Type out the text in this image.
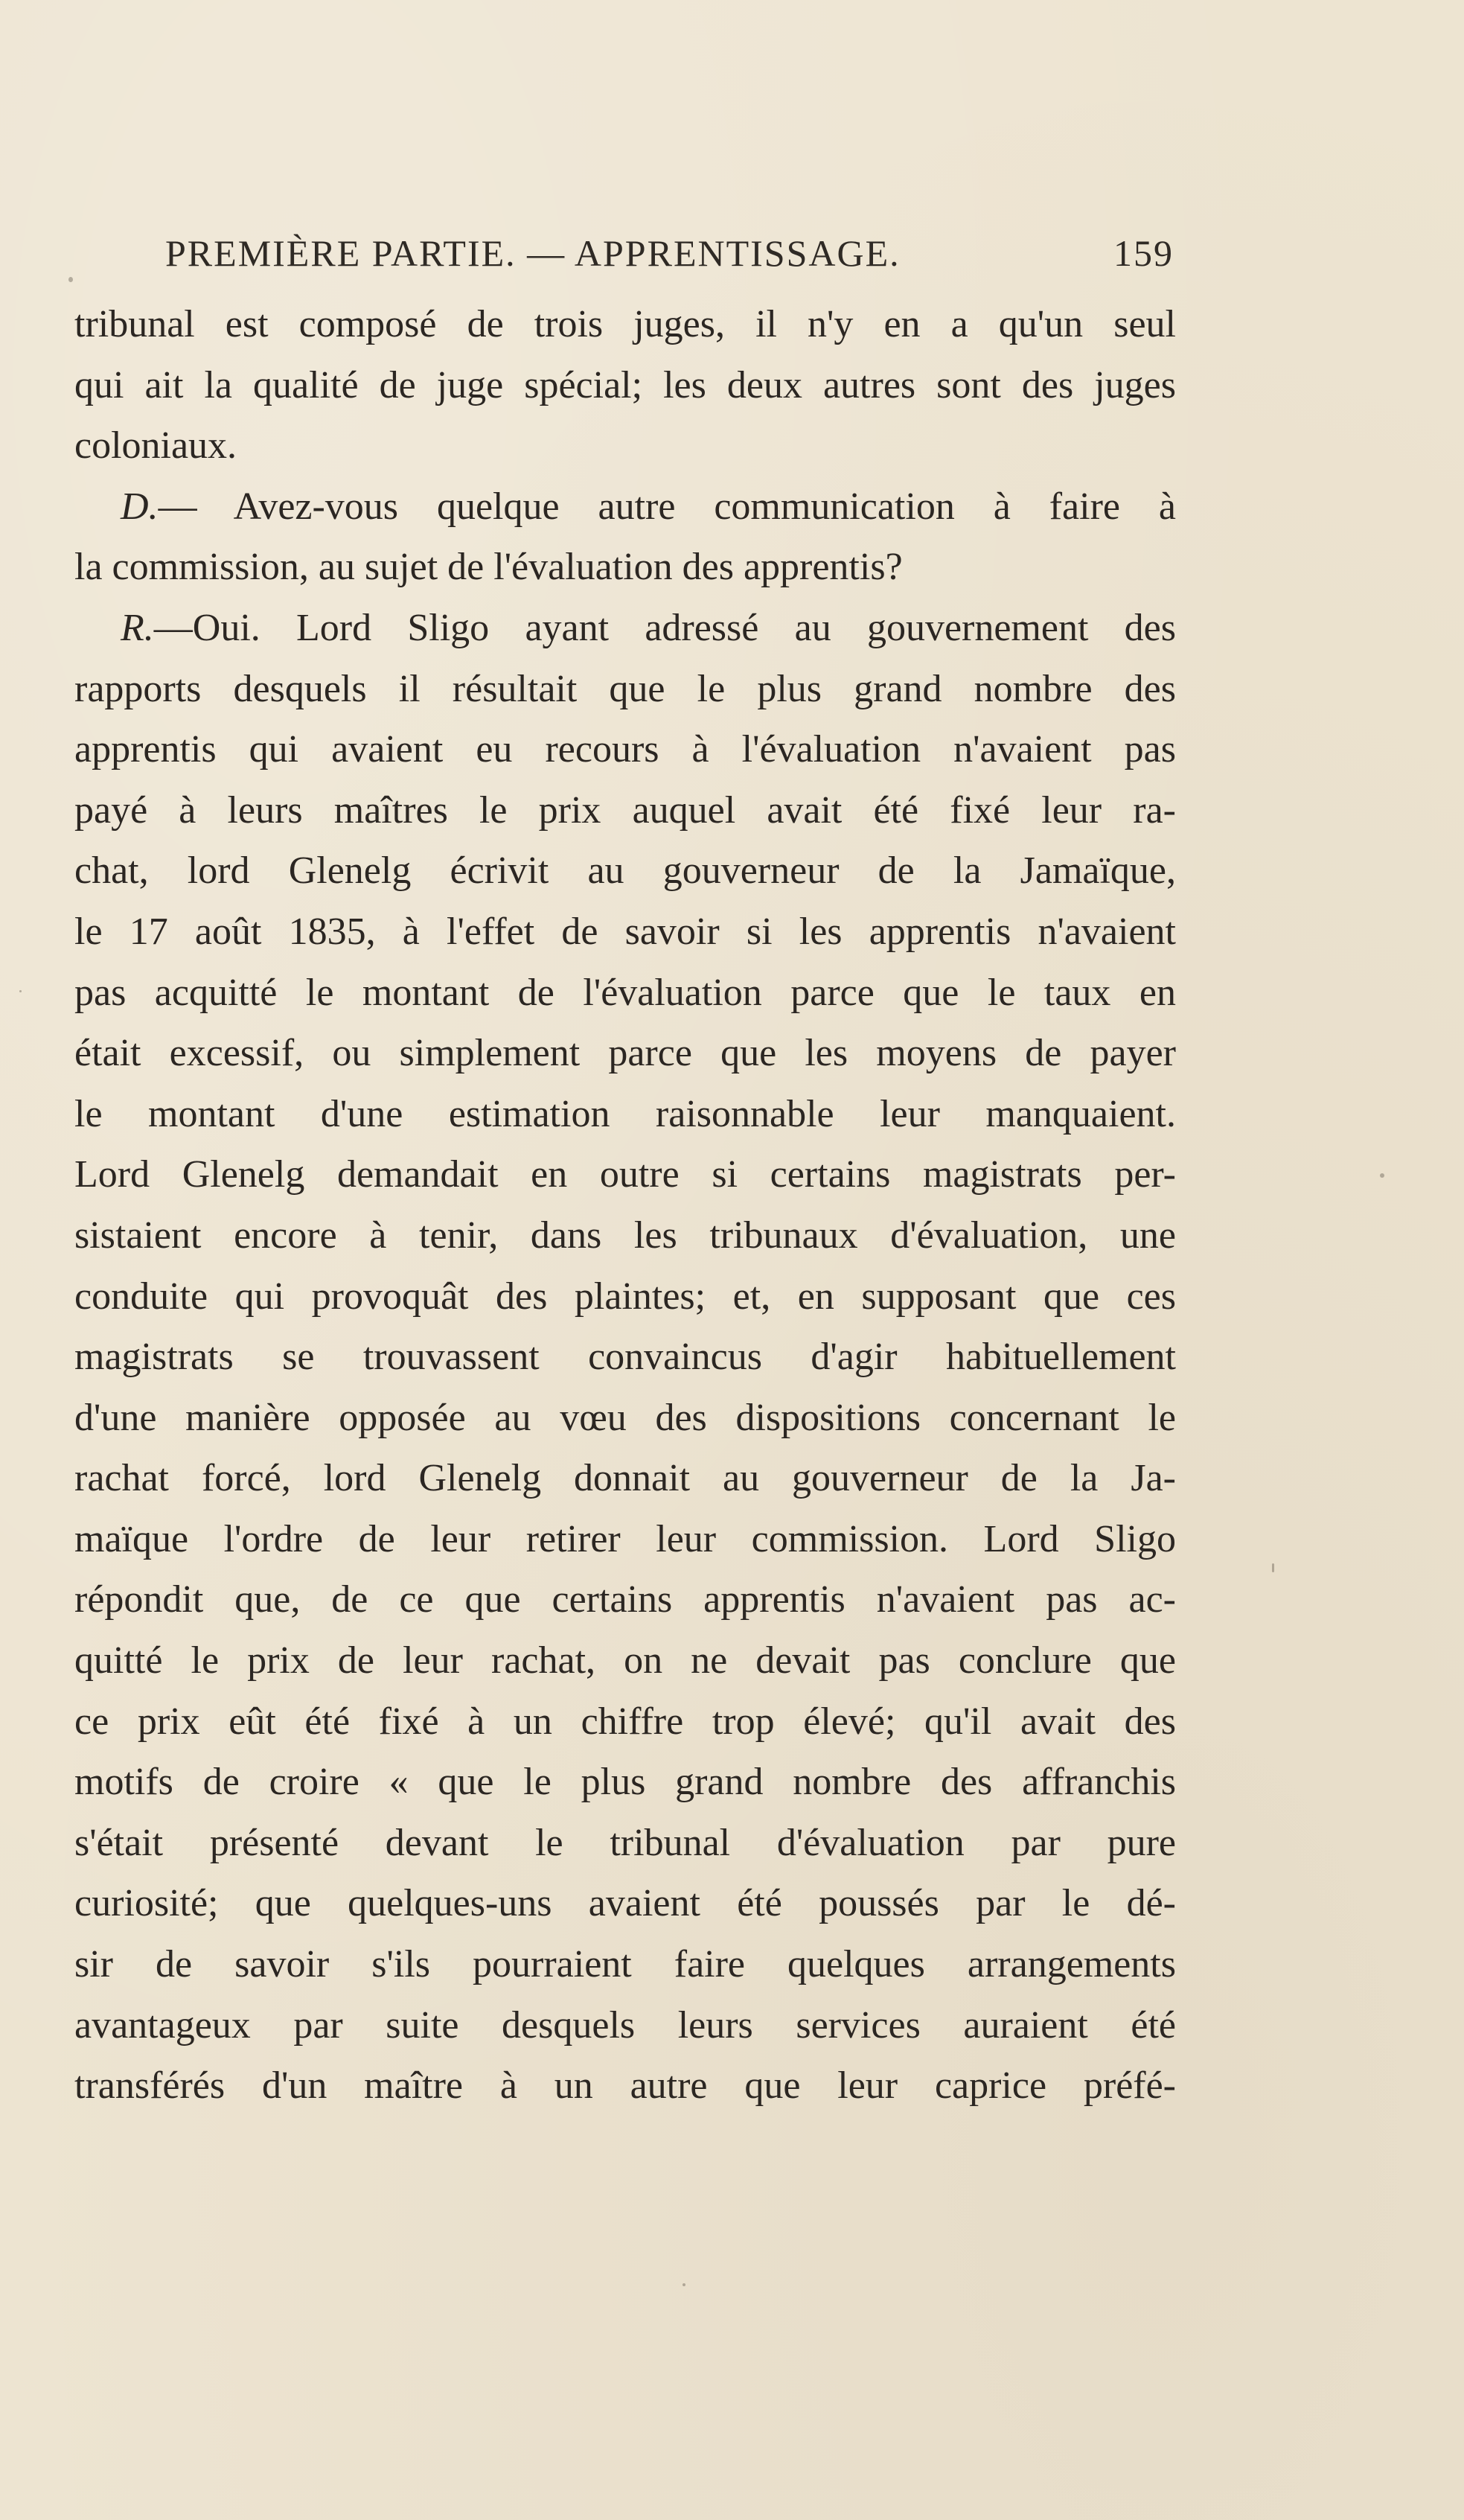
PREMIÈRE PARTIE. — APPRENTISSAGE.	159
tribunal est composé de trois juges, il n'y en a qu'un seul
qui ait la qualité de juge spécial; les deux autres sont des juges
coloniaux.
D.— Avez-vous quelque autre communication à faire à
la commission, au sujet de l'évaluation des apprentis?
R.—Oui. Lord Sligo ayant adressé au gouvernement des
rapports desquels il résultait que le plus grand nombre des
apprentis qui avaient eu recours à l'évaluation n'avaient pas
payé à leurs maîtres le prix auquel avait été fixé leur ra-
chat, lord Glenelg écrivit au gouverneur de la Jamaïque,
le 17 août 1835, à l'effet de savoir si les apprentis n'avaient
pas acquitté le montant de l'évaluation parce que le taux en
était excessif, ou simplement parce que les moyens de payer
le montant d'une estimation raisonnable leur manquaient.
Lord Glenelg demandait en outre si certains magistrats per-
sistaient encore à tenir, dans les tribunaux d'évaluation, une
conduite qui provoquât des plaintes; et, en supposant que ces
magistrats se trouvassent convaincus d'agir habituellement
d'une manière opposée au vœu des dispositions concernant le
rachat forcé, lord Glenelg donnait au gouverneur de la Ja-
maïque l'ordre de leur retirer leur commission. Lord Sligo
répondit que, de ce que certains apprentis n'avaient pas ac-
quitté le prix de leur rachat, on ne devait pas conclure que
ce prix eût été fixé à un chiffre trop élevé; qu'il avait des
motifs de croire « que le plus grand nombre des affranchis
s'était présenté devant le tribunal d'évaluation par pure
curiosité; que quelques-uns avaient été poussés par le dé-
sir de savoir s'ils pourraient faire quelques arrangements
avantageux par suite desquels leurs services auraient été
transférés d'un maître à un autre que leur caprice préfé-
